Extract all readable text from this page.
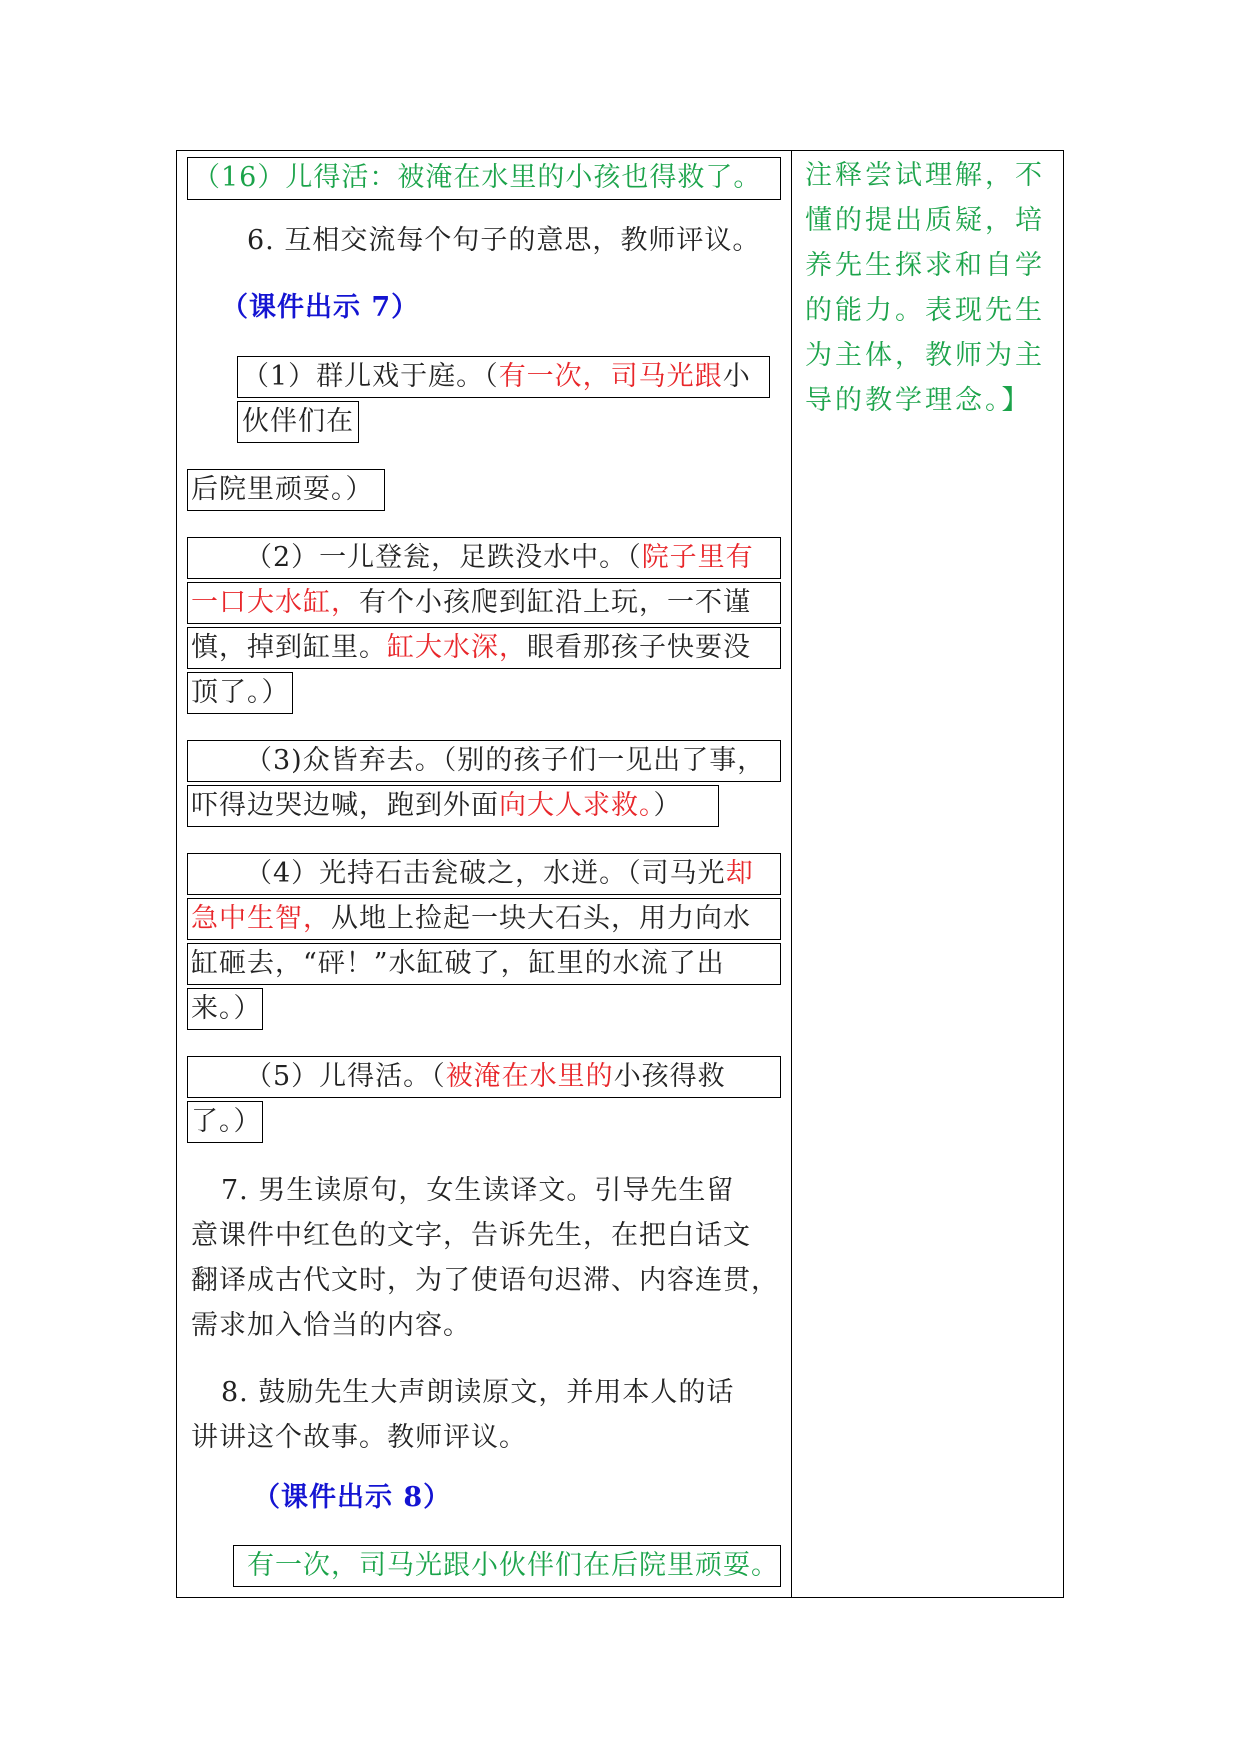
（16）儿得活：被淹在水里的小孩也得救了。
6. 互相交流每个句子的意思，教师评议。
（课件出示 7）
（1）群儿戏于庭。（有一次，司马光跟小
伙伴们在
后院里顽耍。）
（2）一儿登瓮，足跌没水中。（院子里有
一口大水缸，有个小孩爬到缸沿上玩，一不谨
慎，掉到缸里。缸大水深，眼看那孩子快要没
顶了。）
（3)众皆弃去。（别的孩子们一见出了事，
吓得边哭边喊，跑到外面向大人求救。）
（4）光持石击瓮破之，水迸。（司马光却
急中生智，从地上捡起一块大石头，用力向水
缸砸去，“砰！”水缸破了，缸里的水流了出
来。）
（5）儿得活。（被淹在水里的小孩得救
了。）
7. 男生读原句，女生读译文。引导先生留
意课件中红色的文字，告诉先生，在把白话文
翻译成古代文时，为了使语句迟滞、内容连贯，
需求加入恰当的内容。
8. 鼓励先生大声朗读原文，并用本人的话
讲讲这个故事。教师评议。
（课件出示 8）
有一次，司马光跟小伙伴们在后院里顽耍。
注释尝试理解，不懂的提出质疑，培养先生探求和自学的能力。表现先生为主体，教师为主导的教学理念。】
